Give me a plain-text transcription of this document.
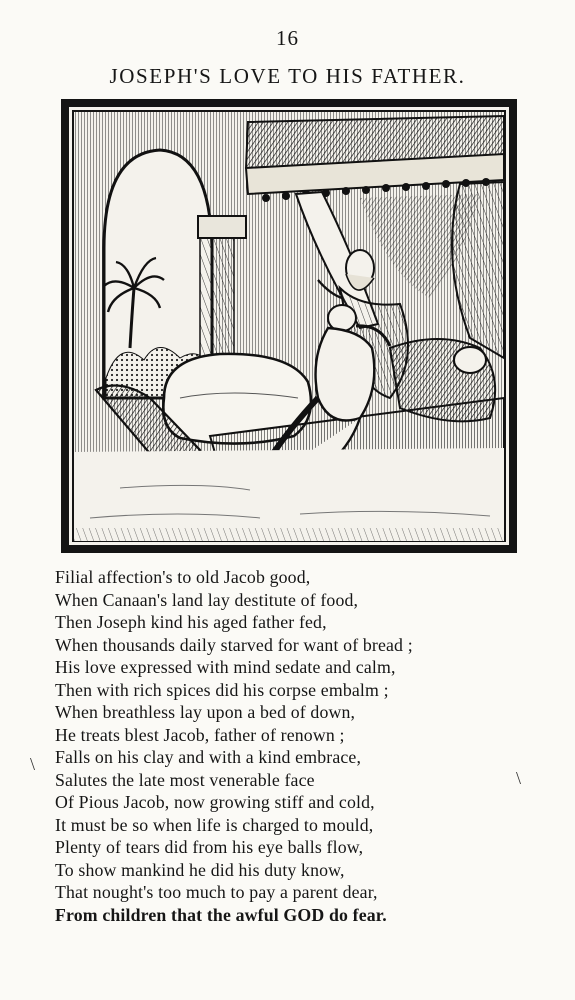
16
JOSEPH'S LOVE TO HIS FATHER.
Filial affection's to old Jacob good,
When Canaan's land lay destitute of food,
Then Joseph kind his aged father fed,
When thousands daily starved for want of bread ;
His love expressed with mind sedate and calm,
Then with rich spices did his corpse embalm ;
When breathless lay upon a bed of down,
He treats blest Jacob, father of renown ;
Falls on his clay and with a kind embrace,
Salutes the late most venerable face
Of Pious Jacob, now growing stiff and cold,
It must be so when life is charged to mould,
Plenty of tears did from his eye balls flow,
To show mankind he did his duty know,
That nought's too much to pay a parent dear,
From children that the awful GOD do fear.
\
\
